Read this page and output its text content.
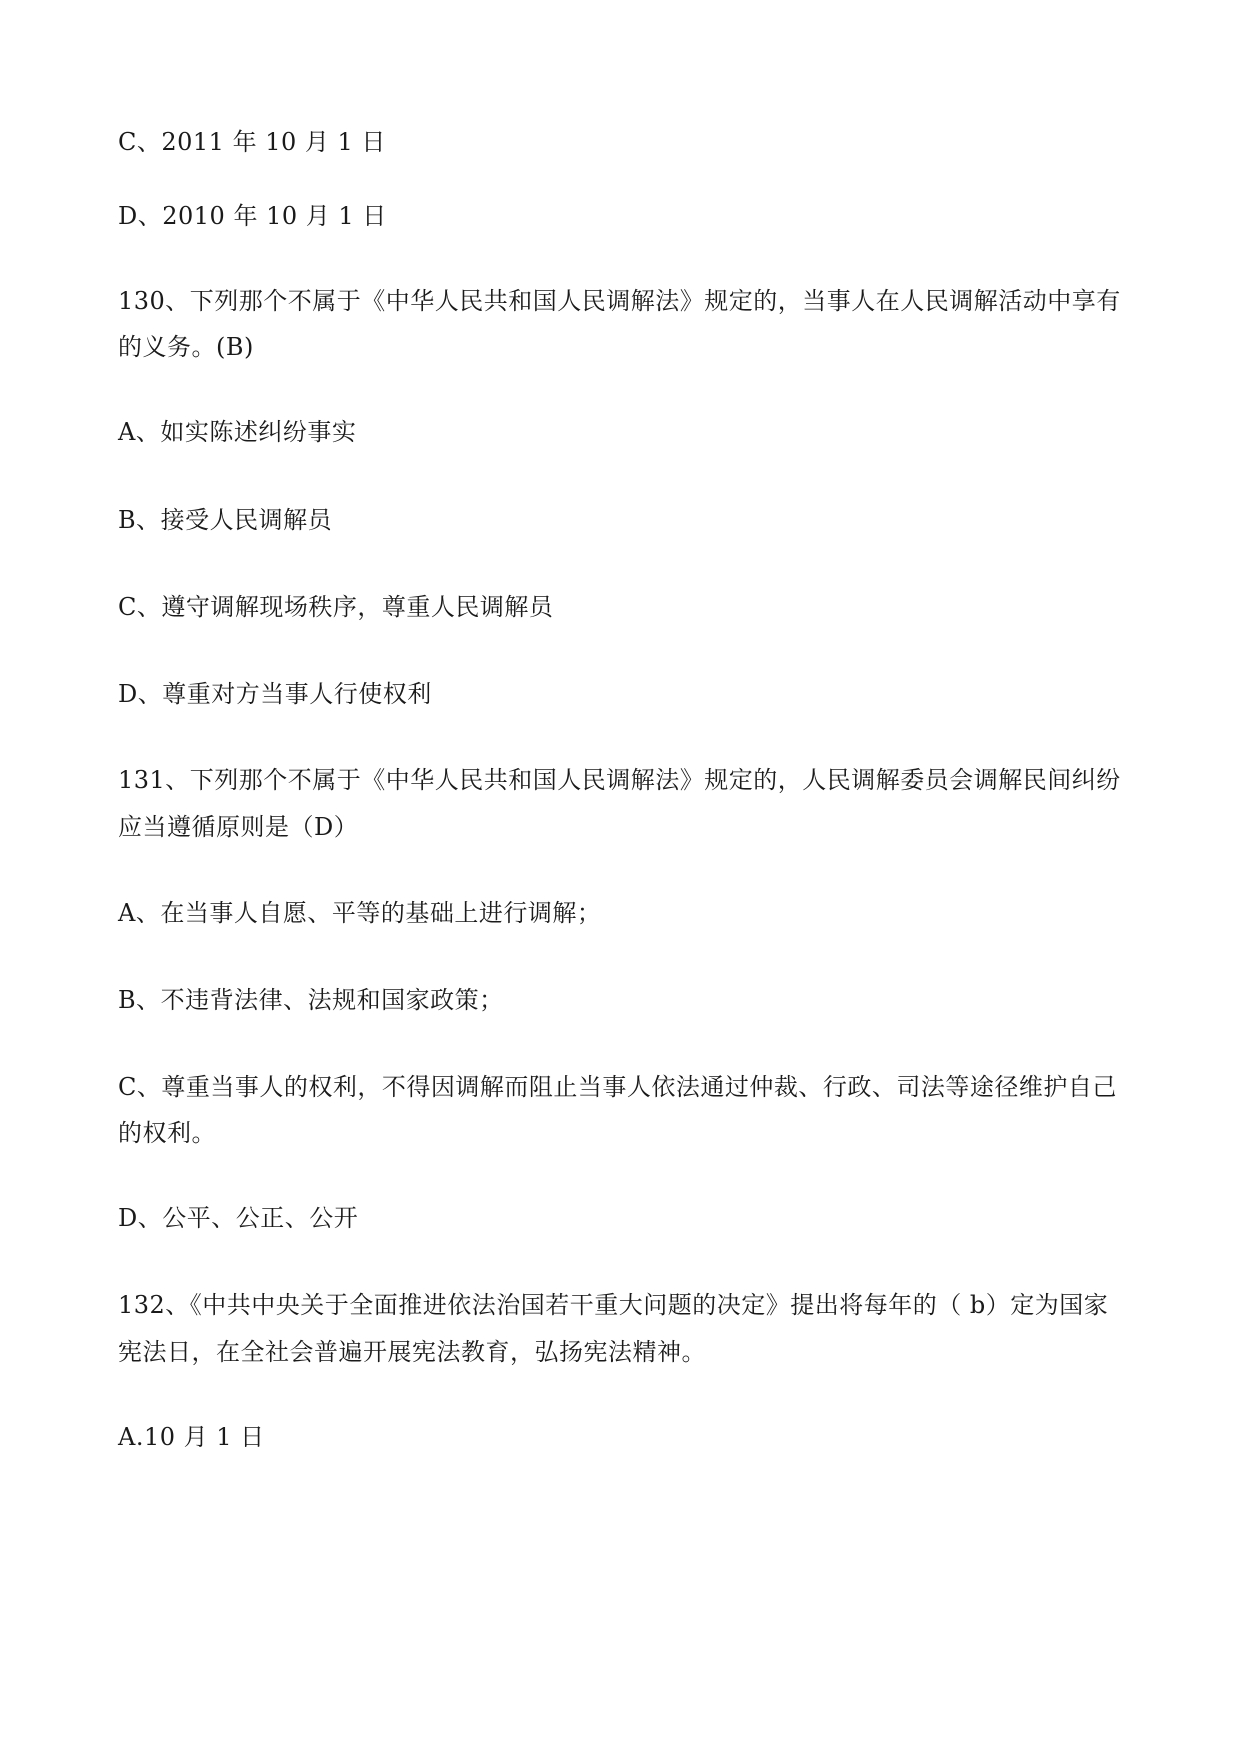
C、2011 年 10 月 1 日
D、2010 年 10 月 1 日
130、下列那个不属于《中华人民共和国人民调解法》规定的，当事人在人民调解活动中享有
的义务。(B)
A、如实陈述纠纷事实
B、接受人民调解员
C、遵守调解现场秩序，尊重人民调解员
D、尊重对方当事人行使权利
131、下列那个不属于《中华人民共和国人民调解法》规定的，人民调解委员会调解民间纠纷
应当遵循原则是（D）
A、在当事人自愿、平等的基础上进行调解；
B、不违背法律、法规和国家政策；
C、尊重当事人的权利，不得因调解而阻止当事人依法通过仲裁、行政、司法等途径维护自己
的权利。
D、公平、公正、公开
132、《中共中央关于全面推进依法治国若干重大问题的决定》提出将每年的（ b）定为国家
宪法日，在全社会普遍开展宪法教育，弘扬宪法精神。
A.10 月 1 日
